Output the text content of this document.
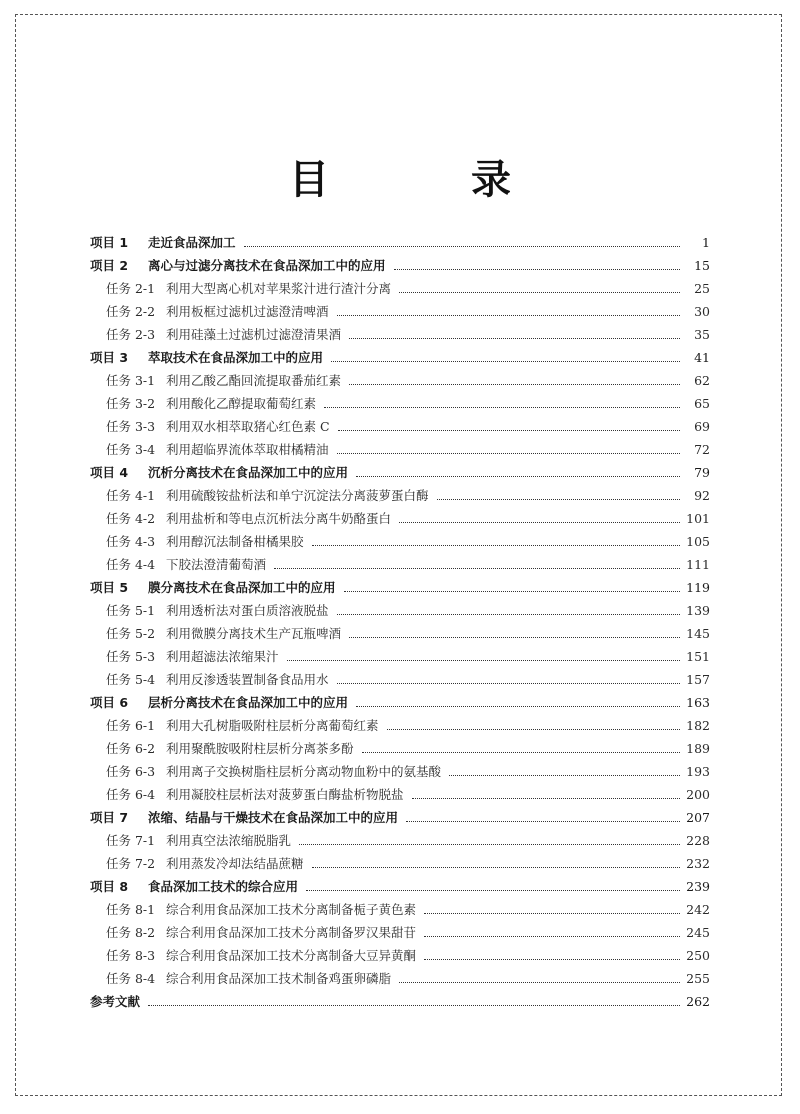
目 录
项目 1	走近食品深加工	1
项目 2	离心与过滤分离技术在食品深加工中的应用	15
任务 2-1 利用大型离心机对苹果浆汁进行渣汁分离	25
任务 2-2 利用板框过滤机过滤澄清啤酒	30
任务 2-3 利用硅藻土过滤机过滤澄清果酒	35
项目 3	萃取技术在食品深加工中的应用	41
任务 3-1 利用乙酸乙酯回流提取番茄红素	62
任务 3-2 利用酸化乙醇提取葡萄红素	65
任务 3-3 利用双水相萃取猪心红色素 C	69
任务 3-4 利用超临界流体萃取柑橘精油	72
项目 4	沉析分离技术在食品深加工中的应用	79
任务 4-1 利用硫酸铵盐析法和单宁沉淀法分离菠萝蛋白酶	92
任务 4-2 利用盐析和等电点沉析法分离牛奶酪蛋白	101
任务 4-3 利用醇沉法制备柑橘果胶	105
任务 4-4 下胶法澄清葡萄酒	111
项目 5	膜分离技术在食品深加工中的应用	119
任务 5-1 利用透析法对蛋白质溶液脱盐	139
任务 5-2 利用微膜分离技术生产瓦瓶啤酒	145
任务 5-3 利用超滤法浓缩果汁	151
任务 5-4 利用反渗透装置制备食品用水	157
项目 6	层析分离技术在食品深加工中的应用	163
任务 6-1 利用大孔树脂吸附柱层析分离葡萄红素	182
任务 6-2 利用聚酰胺吸附柱层析分离茶多酚	189
任务 6-3 利用离子交换树脂柱层析分离动物血粉中的氨基酸	193
任务 6-4 利用凝胶柱层析法对菠萝蛋白酶盐析物脱盐	200
项目 7	浓缩、结晶与干燥技术在食品深加工中的应用	207
任务 7-1 利用真空法浓缩脱脂乳	228
任务 7-2 利用蒸发冷却法结晶蔗糖	232
项目 8	食品深加工技术的综合应用	239
任务 8-1 综合利用食品深加工技术分离制备栀子黄色素	242
任务 8-2 综合利用食品深加工技术分离制备罗汉果甜苷	245
任务 8-3 综合利用食品深加工技术分离制备大豆异黄酮	250
任务 8-4 综合利用食品深加工技术制备鸡蛋卵磷脂	255
参考文献	262
